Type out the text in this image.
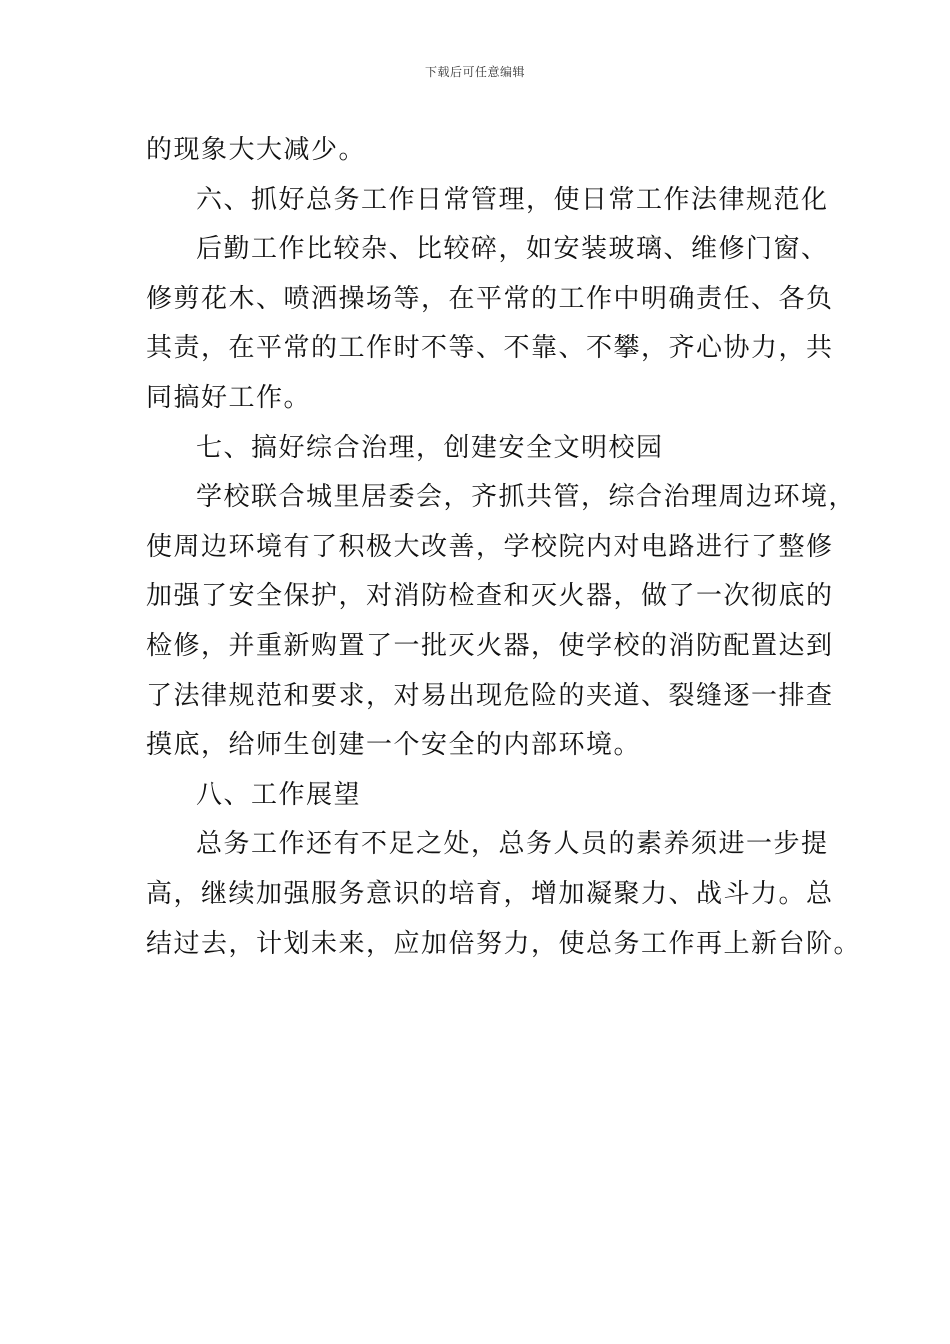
下载后可任意编辑
的现象大大减少。
六、抓好总务工作日常管理，使日常工作法律规范化
后勤工作比较杂、比较碎，如安装玻璃、维修门窗、
修剪花木、喷洒操场等，在平常的工作中明确责任、各负
其责，在平常的工作时不等、不靠、不攀，齐心协力，共
同搞好工作。
七、搞好综合治理，创建安全文明校园
学校联合城里居委会，齐抓共管，综合治理周边环境，
使周边环境有了积极大改善，学校院内对电路进行了整修
加强了安全保护，对消防检查和灭火器，做了一次彻底的
检修，并重新购置了一批灭火器，使学校的消防配置达到
了法律规范和要求，对易出现危险的夹道、裂缝逐一排查
摸底，给师生创建一个安全的内部环境。
八、工作展望
总务工作还有不足之处，总务人员的素养须进一步提
高，继续加强服务意识的培育，增加凝聚力、战斗力。总
结过去，计划未来，应加倍努力，使总务工作再上新台阶。
